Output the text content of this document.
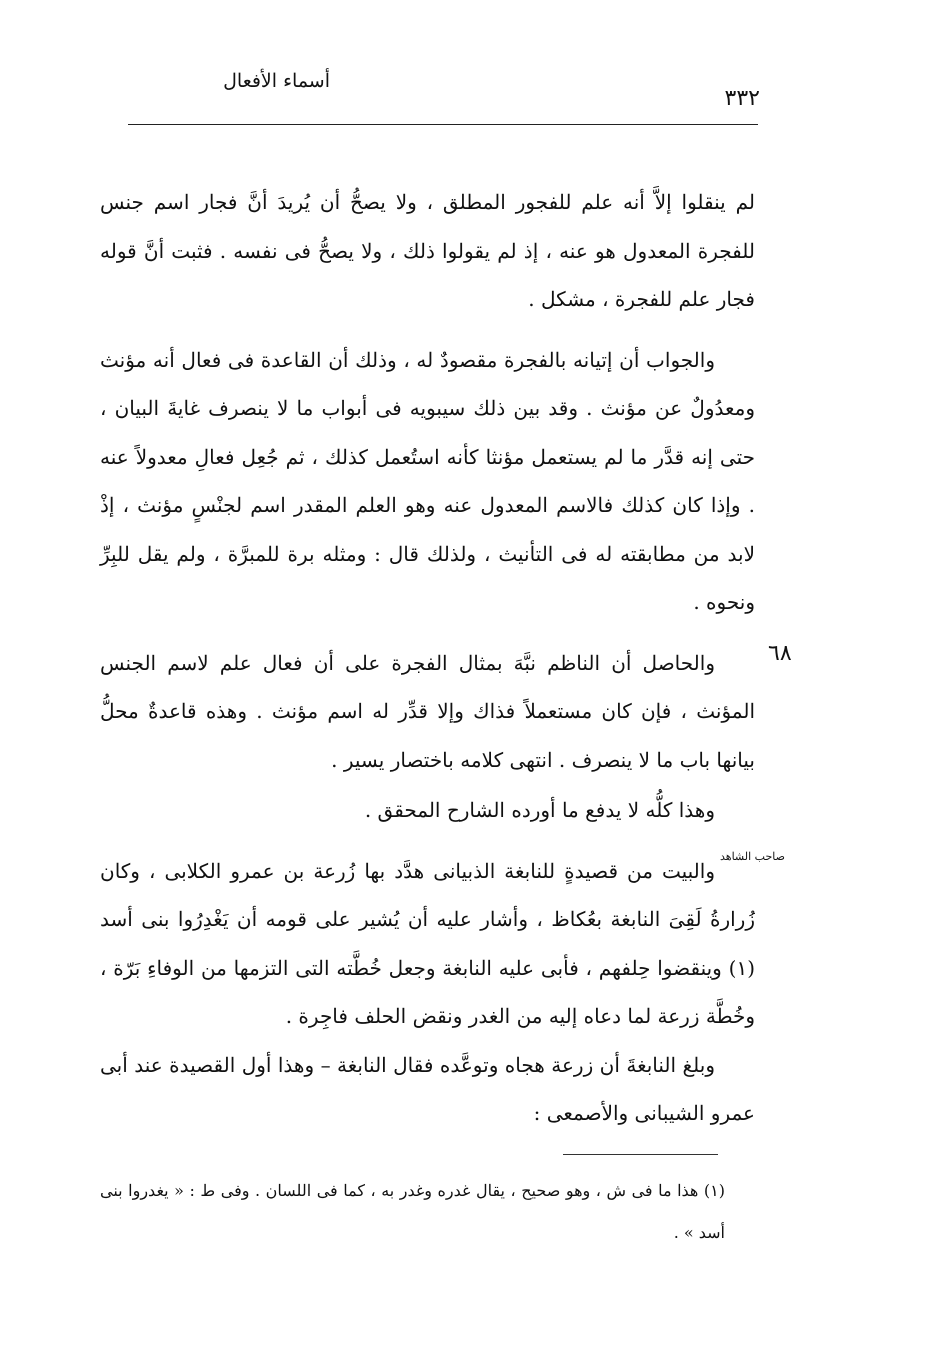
أسماء الأفعال
٣٣٢

لم ينقلوا إلاَّ أنه علم للفجور المطلق ، ولا يصحُّ أن يُريدَ أنَّ فجار اسم جنس للفجرة المعدول هو عنه ، إذ لم يقولوا ذلك ، ولا يصحُّ فى نفسه . فثبت أنَّ قوله فجار علم للفجرة ، مشكل .

والجواب أن إتيانه بالفجرة مقصودٌ له ، وذلك أن القاعدة فى فعال أنه مؤنث ومعدُولٌ عن مؤنث . وقد بين ذلك سيبويه فى أبواب ما لا ينصرف غايةَ البيان ، حتى إنه قدَّر ما لم يستعمل مؤنثا كأنه استُعمل كذلك ، ثم جُعِل فعالِ معدولاً عنه . وإذا كان كذلك فالاسم المعدول عنه وهو العلم المقدر اسم لجنْسٍ مؤنث ، إذْ لابد من مطابقته له فى التأنيث ، ولذلك قال : ومثله برة للمبرَّة ، ولم يقل للبِرِّ ونحوه .

والحاصل أن الناظم نبَّهَ بمثال الفجرة على أن فعال علم لاسم الجنس المؤنث ، فإن كان مستعملاً فذاك وإلا قدِّر له اسم مؤنث . وهذه قاعدةٌ محلُّ بيانها باب ما لا ينصرف . انتهى كلامه باختصار يسير .

وهذا كلُّه لا يدفع ما أورده الشارح المحقق .

والبيت من قصيدةٍ للنابغة الذبيانى هدَّد بها زُرعة بن عمرو الكلابى ، وكان زُرارةُ لَقِىَ النابغة بعُكاظ ، وأشار عليه أن يُشير على قومه أن يَغْدِرُوا بنى أسد (١) وينقضوا حِلفهم ، فأبى عليه النابغة وجعل خُطَّته التى التزمها من الوفاءِ بَرّة ، وخُطَّة زرعة لما دعاه إليه من الغدر ونقض الحلف فاجِرة .

وبلغ النابغةَ أن زرعة هجاه وتوعَّده فقال النابغة – وهذا أول القصيدة عند أبى عمرو الشيبانى والأصمعى :

٦٨
صاحب الشاهد

(١) هذا ما فى ش ، وهو صحيح ، يقال غدره وغدر به ، كما فى اللسان . وفى ط : « يغدروا بنى أسد » .
